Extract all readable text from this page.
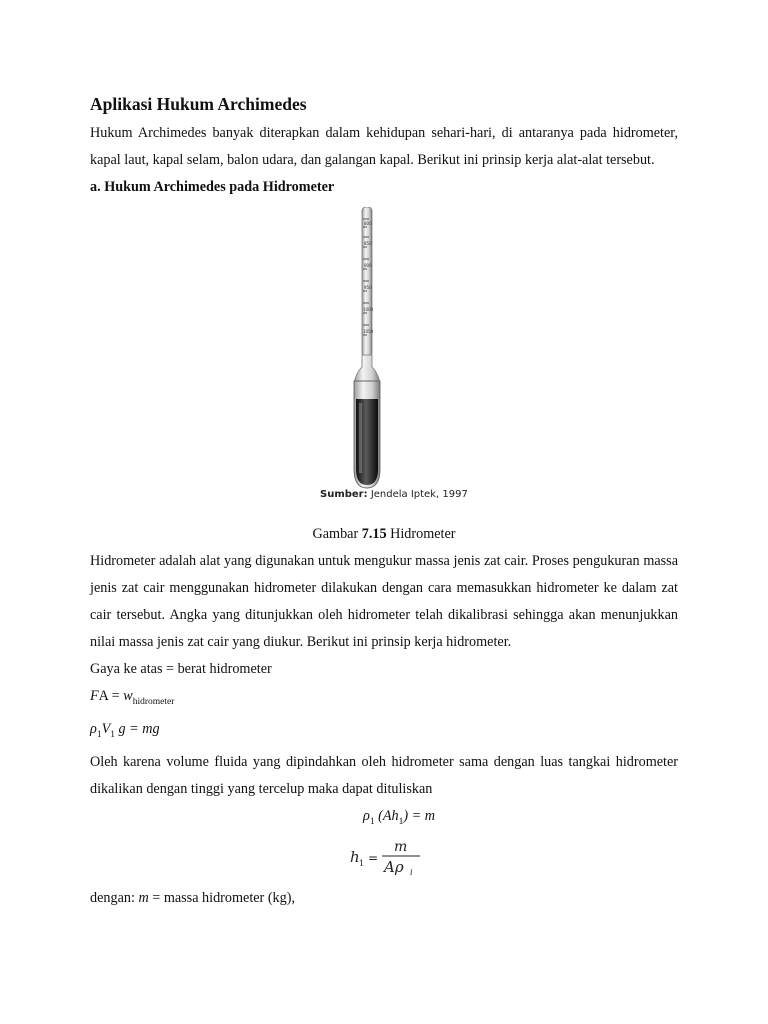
Aplikasi Hukum Archimedes

Hukum Archimedes banyak diterapkan dalam kehidupan sehari-hari, di antaranya pada hidrometer, kapal laut, kapal selam, balon udara, dan galangan kapal. Berikut ini prinsip kerja alat-alat tersebut.

a. Hukum Archimedes pada Hidrometer

800
850
900
950
1000
1050
Sumber: Jendela Iptek, 1997

Gambar 7.15 Hidrometer

Hidrometer adalah alat yang digunakan untuk mengukur massa jenis zat cair. Proses pengukuran massa jenis zat cair menggunakan hidrometer dilakukan dengan cara memasukkan hidrometer ke dalam zat cair tersebut. Angka yang ditunjukkan oleh hidrometer telah dikalibrasi sehingga akan menunjukkan nilai massa jenis zat cair yang diukur. Berikut ini prinsip kerja hidrometer.

Gaya ke atas = berat hidrometer

FA = $w_{hidrometer}$

$\rho_1V_1$ g = mg

Oleh karena volume fluida yang dipindahkan oleh hidrometer sama dengan luas tangkai hidrometer dikalikan dengan tinggi yang tercelup maka dapat dituliskan

$\rho_1$ $(Ah_1) = m$

h 1 =
m
Aρ i

dengan: m = massa hidrometer (kg),
